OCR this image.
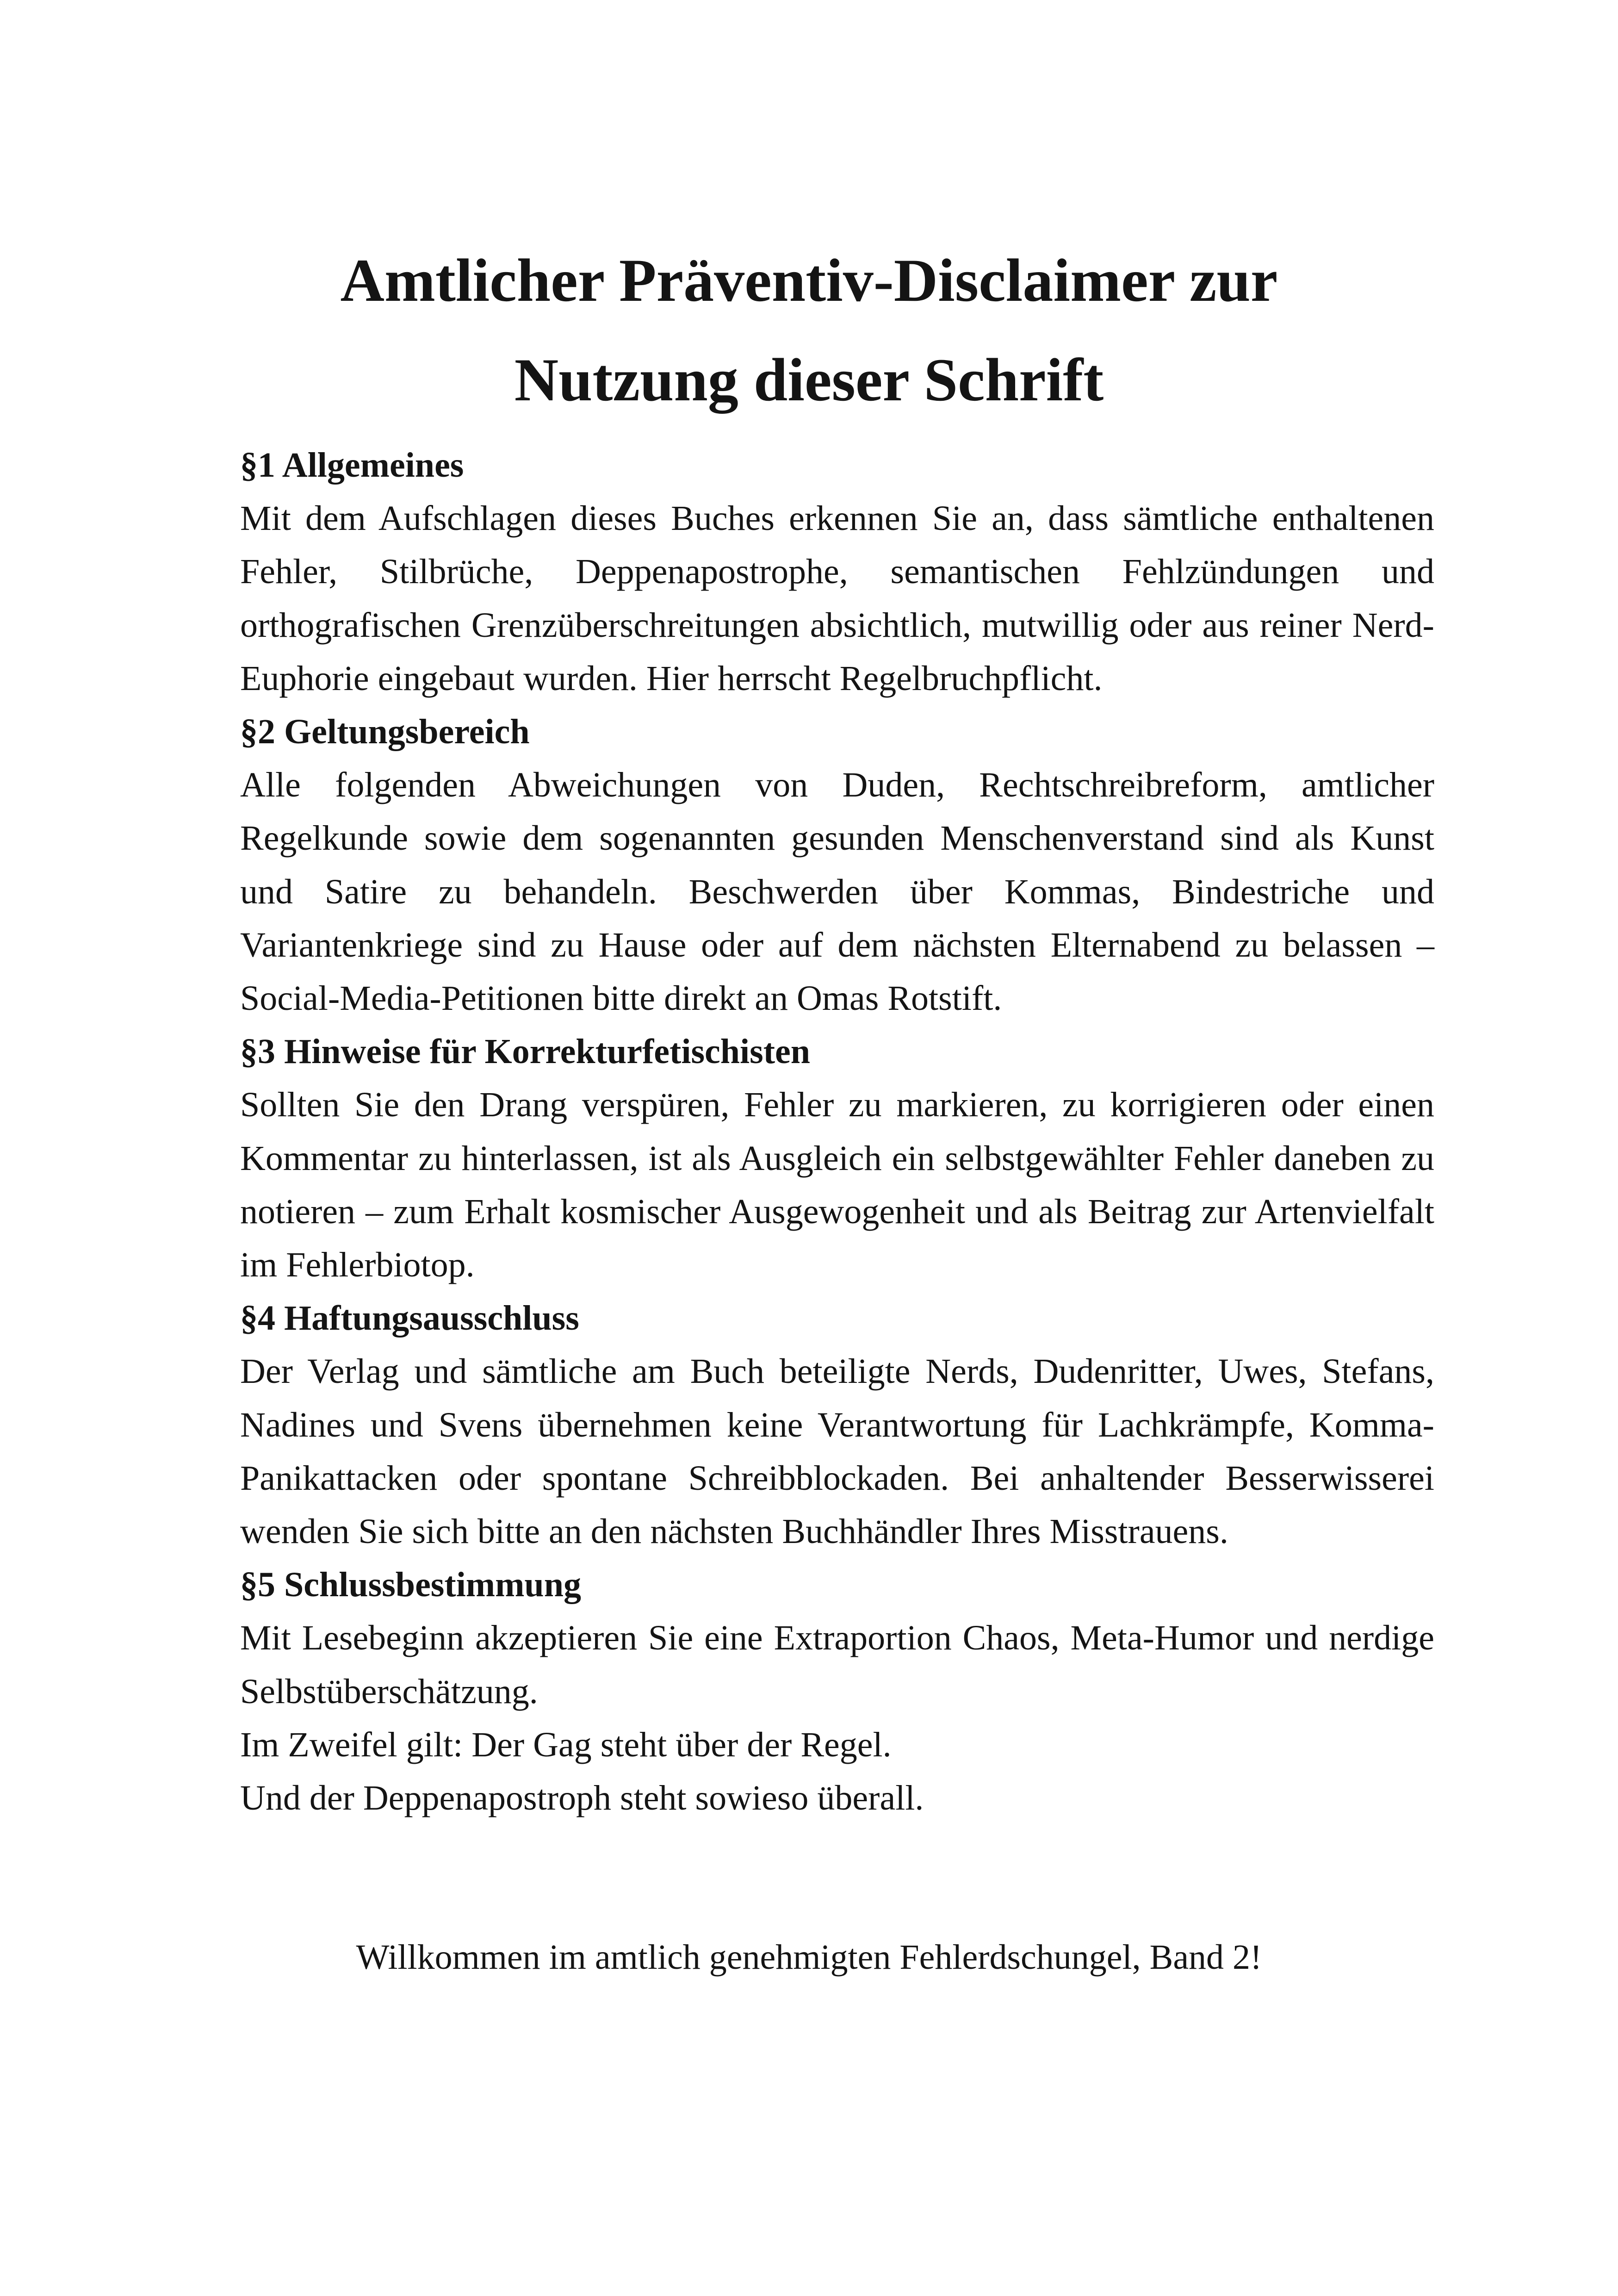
Amtlicher Präventiv-Disclaimer zur
Nutzung dieser Schrift
§1 Allgemeines

Mit dem Aufschlagen dieses Buches erkennen Sie an, dass sämtliche enthaltenen Fehler, Stilbrüche, Deppenapostrophe, semantischen Fehlzündungen und orthografischen Grenzüberschreitungen absichtlich, mutwillig oder aus reiner Nerd-Euphorie eingebaut wurden. Hier herrscht Regelbruchpflicht.

§2 Geltungsbereich

Alle folgenden Abweichungen von Duden, Rechtschreibreform, amtlicher Regelkunde sowie dem sogenannten gesunden Menschenverstand sind als Kunst und Satire zu behandeln. Beschwerden über Kommas, Bindestriche und Variantenkriege sind zu Hause oder auf dem nächsten Elternabend zu belassen – Social-Media-Petitionen bitte direkt an Omas Rotstift.

§3 Hinweise für Korrekturfetischisten

Sollten Sie den Drang verspüren, Fehler zu markieren, zu korrigieren oder einen Kommentar zu hinterlassen, ist als Ausgleich ein selbstgewählter Fehler daneben zu notieren – zum Erhalt kosmischer Ausgewogenheit und als Beitrag zur Artenvielfalt im Fehlerbiotop.

§4 Haftungsausschluss

Der Verlag und sämtliche am Buch beteiligte Nerds, Dudenritter, Uwes, Stefans, Nadines und Svens übernehmen keine Verantwortung für Lachkrämpfe, Komma-Panikattacken oder spontane Schreibblockaden. Bei anhaltender Besserwisserei wenden Sie sich bitte an den nächsten Buchhändler Ihres Misstrauens.

§5 Schlussbestimmung

Mit Lesebeginn akzeptieren Sie eine Extraportion Chaos, Meta-Humor und nerdige Selbstüberschätzung.

Im Zweifel gilt: Der Gag steht über der Regel.

Und der Deppenapostroph steht sowieso überall.

Willkommen im amtlich genehmigten Fehlerdschungel, Band 2!
